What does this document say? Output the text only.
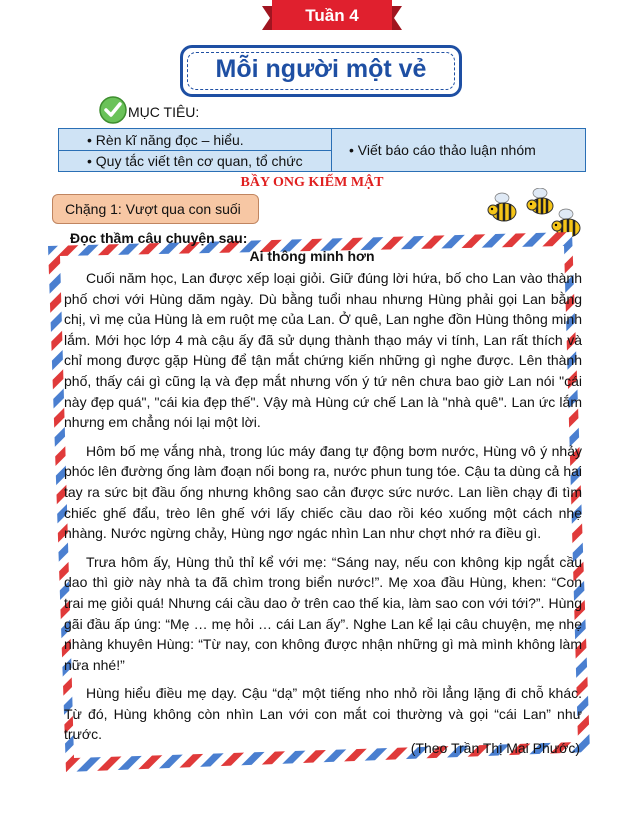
Tuần 4
Mỗi người một vẻ
MỤC TIÊU:
• Rèn kĩ năng đọc – hiểu.
• Quy tắc viết tên cơ quan, tổ chức
• Viết báo cáo thảo luận nhóm
BẦY ONG KIẾM MẬT
Chặng 1: Vượt qua con suối
Đọc thầm câu chuyện sau:
Ai thông minh hơn

Cuối năm học, Lan được xếp loại giỏi. Giữ đúng lời hứa, bố cho Lan vào thành phố chơi với Hùng dăm ngày. Dù bằng tuổi nhau nhưng Hùng phải gọi Lan bằng chị, vì mẹ của Hùng là em ruột mẹ của Lan. Ở quê, Lan nghe đồn Hùng thông minh lắm. Mới học lớp 4 mà cậu ấy đã sử dụng thành thạo máy vi tính, Lan rất thích và chỉ mong được gặp Hùng để tận mắt chứng kiến những gì nghe được. Lên thành phố, thấy cái gì cũng lạ và đẹp mắt nhưng vốn ý tứ nên chưa bao giờ Lan nói "cái này đẹp quá", "cái kia đẹp thế". Vậy mà Hùng cứ chế Lan là "nhà quê". Lan ức lắm nhưng em chẳng nói lại một lời.

Hôm bố mẹ vắng nhà, trong lúc máy đang tự động bơm nước, Hùng vô ý nhảy phóc lên đường ống làm đoạn nối bong ra, nước phun tung tóe. Cậu ta dùng cả hai tay ra sức bịt đầu ống nhưng không sao cản được sức nước. Lan liền chạy đi tìm chiếc ghế đẩu, trèo lên ghế với lấy chiếc cầu dao rồi kéo xuống một cách nhẹ nhàng. Nước ngừng chảy, Hùng ngơ ngác nhìn Lan như chợt nhớ ra điều gì.

Trưa hôm ấy, Hùng thủ thỉ kể với mẹ: “Sáng nay, nếu con không kịp ngắt cầu dao thì giờ này nhà ta đã chìm trong biển nước!”. Mẹ xoa đầu Hùng, khen: “Con trai mẹ giỏi quá! Nhưng cái cầu dao ở trên cao thế kia, làm sao con với tới?”. Hùng gãi đầu ấp úng: “Mẹ … mẹ hỏi … cái Lan ấy”. Nghe Lan kể lại câu chuyện, mẹ nhẹ nhàng khuyên Hùng: “Từ nay, con không được nhận những gì mà mình không làm nữa nhé!”

Hùng hiểu điều mẹ dạy. Cậu “dạ” một tiếng nho nhỏ rồi lẳng lặng đi chỗ khác. Từ đó, Hùng không còn nhìn Lan với con mắt coi thường và gọi “cái Lan” như trước.

(Theo Trần Thị Mai Phước)
